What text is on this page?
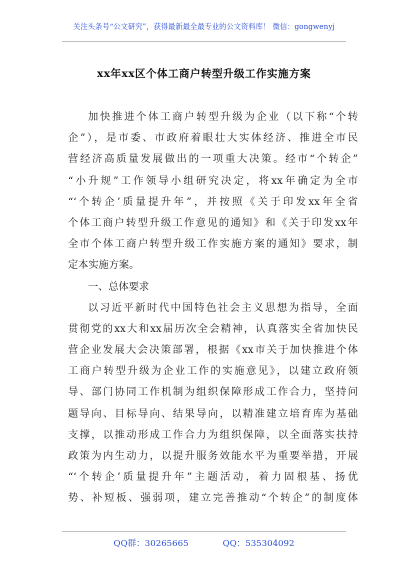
关注头条号“公文研究”，获得最新最全最专业的公文资料库！ 微信：gongwenyj
xx年xx区个体工商户转型升级工作实施方案
加快推进个体工商户转型升级为企业（以下称“个转
企”），是市委、市政府着眼壮大实体经济、推进全市民
营经济高质量发展做出的一项重大决策。经市“个转企”
“小升规”工作领导小组研究决定，将xx年确定为全市
“‘个转企’质量提升年”，并按照《关于印发xx年全省
个体工商户转型升级工作意见的通知》和《关于印发xx年
全市个体工商户转型升级工作实施方案的通知》要求，制
定本实施方案。
一、总体要求
以习近平新时代中国特色社会主义思想为指导，全面
贯彻党的xx大和xx届历次全会精神，认真落实全省加快民
营企业发展大会决策部署，根据《xx市关于加快推进个体
工商户转型升级为企业工作的实施意见》，以建立政府领
导、部门协同工作机制为组织保障形成工作合力，坚持问
题导向、目标导向、结果导向，以精准建立培育库为基础
支撑，以推动形成工作合力为组织保障，以全面落实扶持
政策为内生动力，以提升服务效能水平为重要举措，开展
“‘个转企’质量提升年”主题活动，着力固根基、扬优
势、补短板、强弱项，建立完善推动“个转企”的制度体
QQ群：30265665	QQ：535304092
